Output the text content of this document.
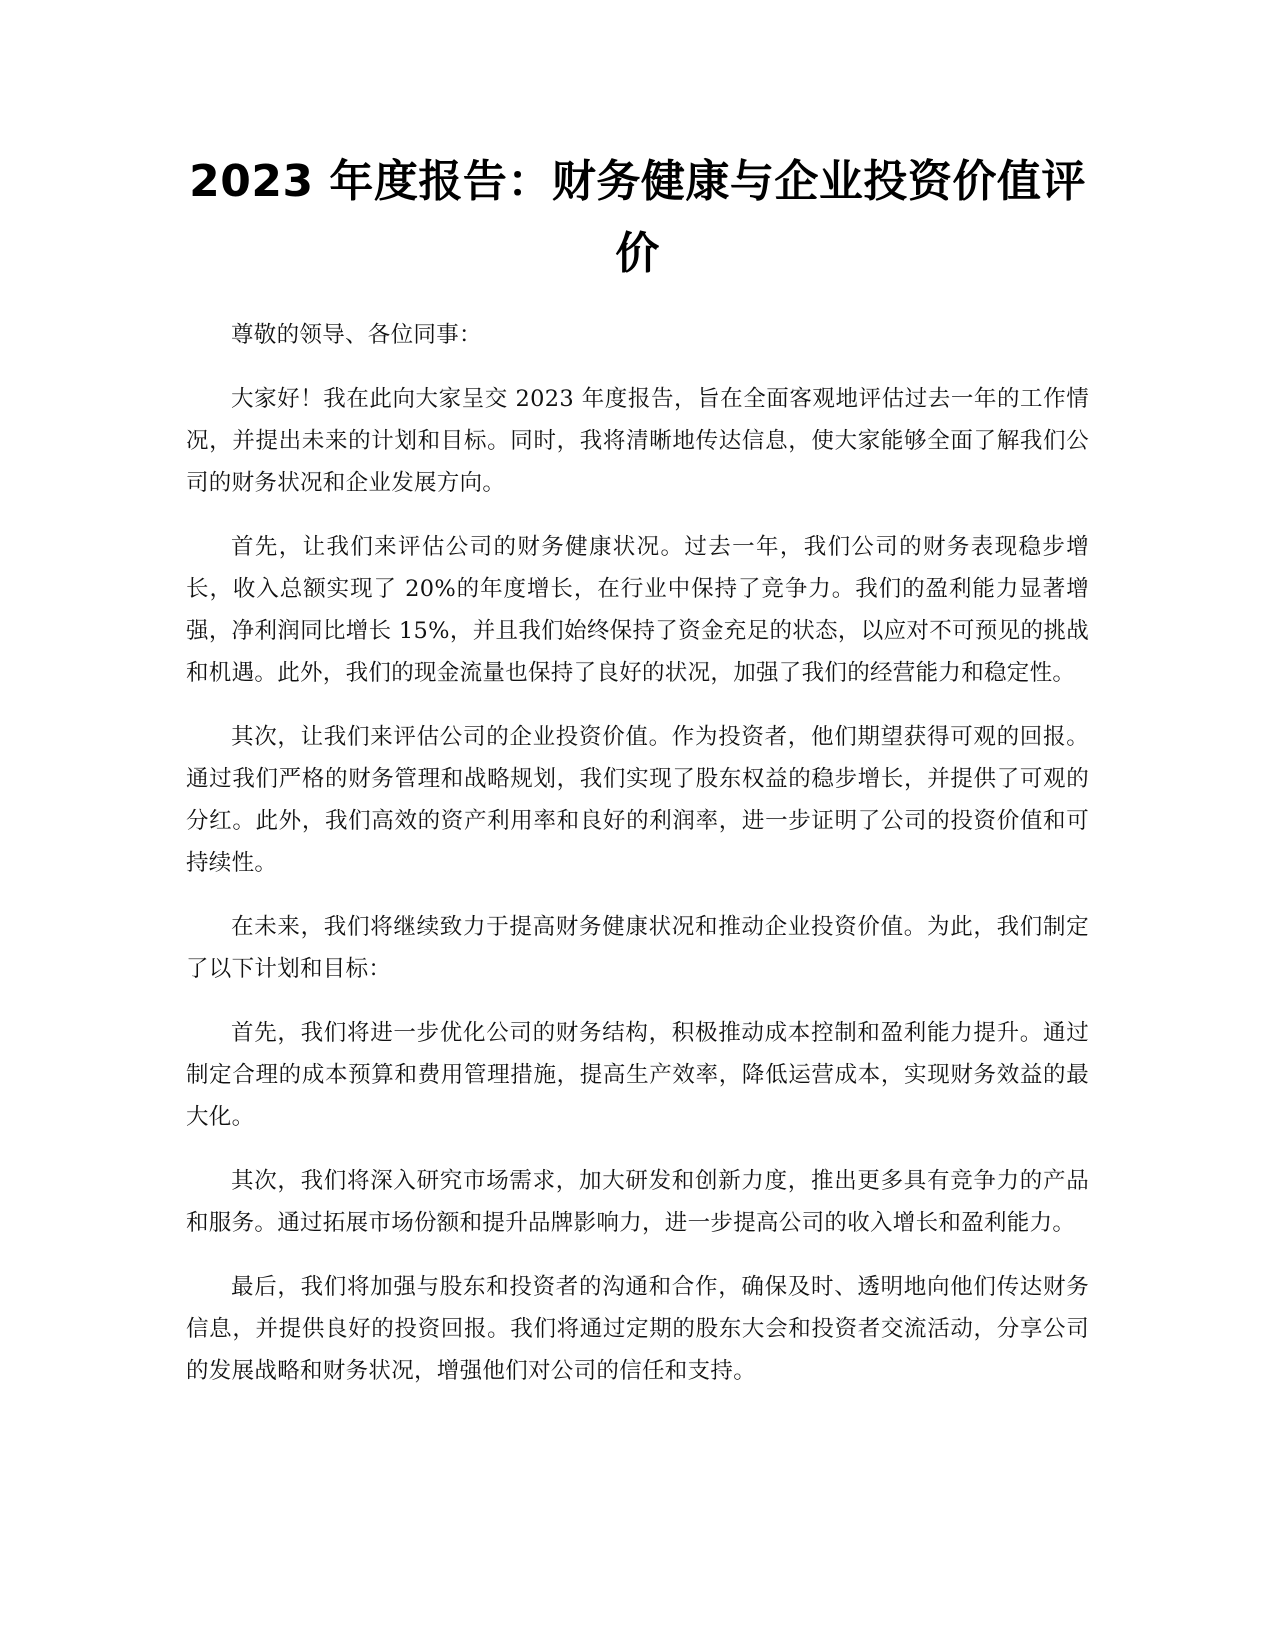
2023 年度报告：财务健康与企业投资价值评价

尊敬的领导、各位同事：

大家好！我在此向大家呈交 2023 年度报告，旨在全面客观地评估过去一年的工作情况，并提出未来的计划和目标。同时，我将清晰地传达信息，使大家能够全面了解我们公司的财务状况和企业发展方向。

首先，让我们来评估公司的财务健康状况。过去一年，我们公司的财务表现稳步增长，收入总额实现了 20%的年度增长，在行业中保持了竞争力。我们的盈利能力显著增强，净利润同比增长 15%，并且我们始终保持了资金充足的状态，以应对不可预见的挑战和机遇。此外，我们的现金流量也保持了良好的状况，加强了我们的经营能力和稳定性。

其次，让我们来评估公司的企业投资价值。作为投资者，他们期望获得可观的回报。通过我们严格的财务管理和战略规划，我们实现了股东权益的稳步增长，并提供了可观的分红。此外，我们高效的资产利用率和良好的利润率，进一步证明了公司的投资价值和可持续性。

在未来，我们将继续致力于提高财务健康状况和推动企业投资价值。为此，我们制定了以下计划和目标：

首先，我们将进一步优化公司的财务结构，积极推动成本控制和盈利能力提升。通过制定合理的成本预算和费用管理措施，提高生产效率，降低运营成本，实现财务效益的最大化。

其次，我们将深入研究市场需求，加大研发和创新力度，推出更多具有竞争力的产品和服务。通过拓展市场份额和提升品牌影响力，进一步提高公司的收入增长和盈利能力。

最后，我们将加强与股东和投资者的沟通和合作，确保及时、透明地向他们传达财务信息，并提供良好的投资回报。我们将通过定期的股东大会和投资者交流活动，分享公司的发展战略和财务状况，增强他们对公司的信任和支持。
